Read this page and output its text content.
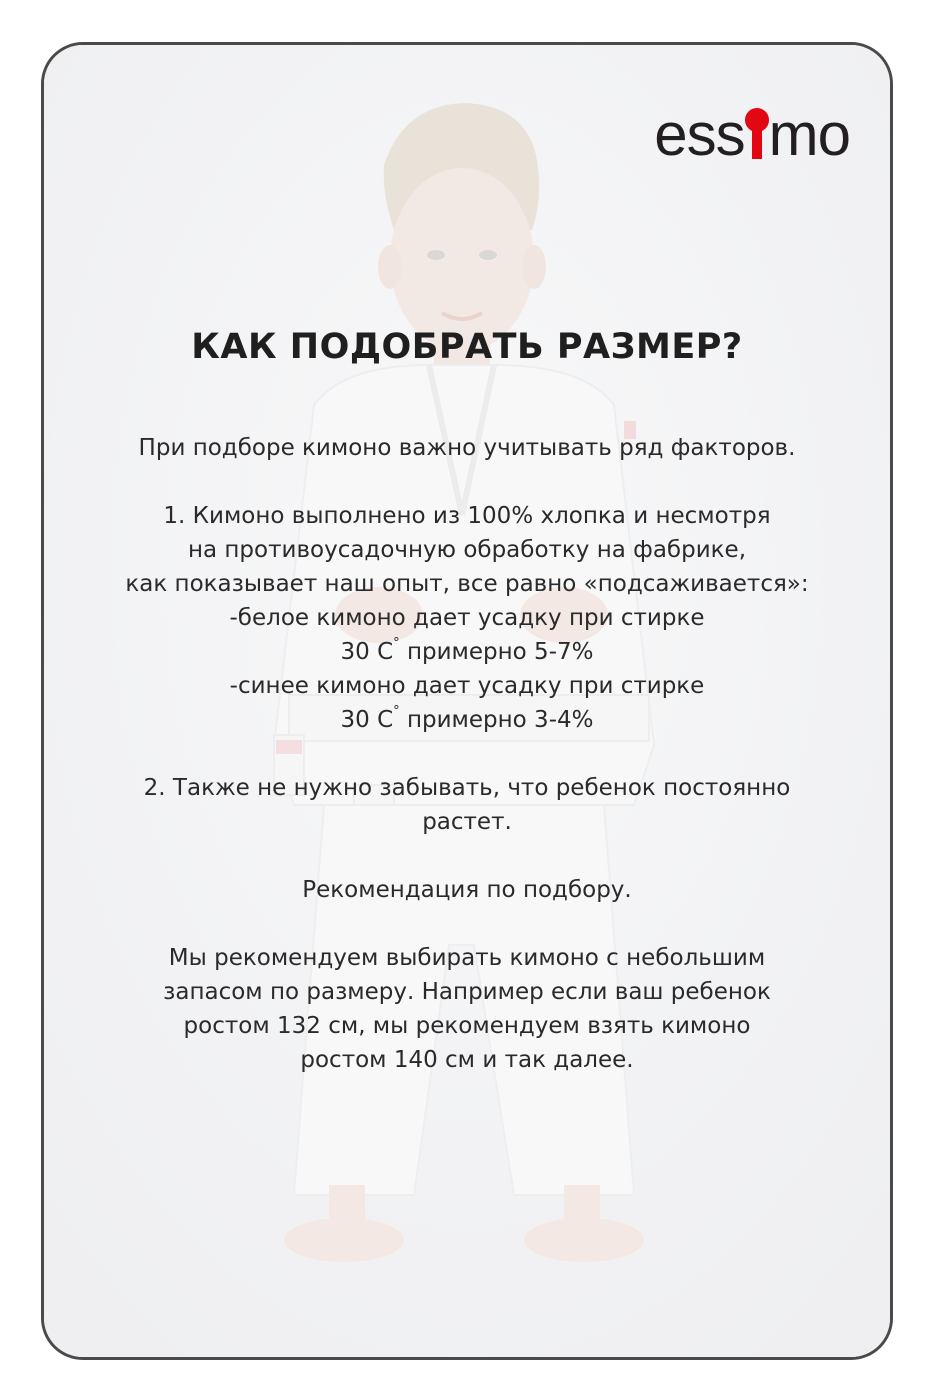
ess mo
КАК ПОДОБРАТЬ РАЗМЕР?
При подборе кимоно важно учитывать ряд факторов.
1. Кимоно выполнено из 100% хлопка и несмотря
на противоусадочную обработку на фабрике,
как показывает наш опыт, все равно «подсаживается»:
-белое кимоно дает усадку при стирке
30 С° примерно 5-7%
-синее кимоно дает усадку при стирке
30 С° примерно 3-4%
2. Также не нужно забывать, что ребенок постоянно
растет.
Рекомендация по подбору.
Мы рекомендуем выбирать кимоно с небольшим
запасом по размеру. Например если ваш ребенок
ростом 132 см, мы рекомендуем взять кимоно
ростом 140 см и так далее.
